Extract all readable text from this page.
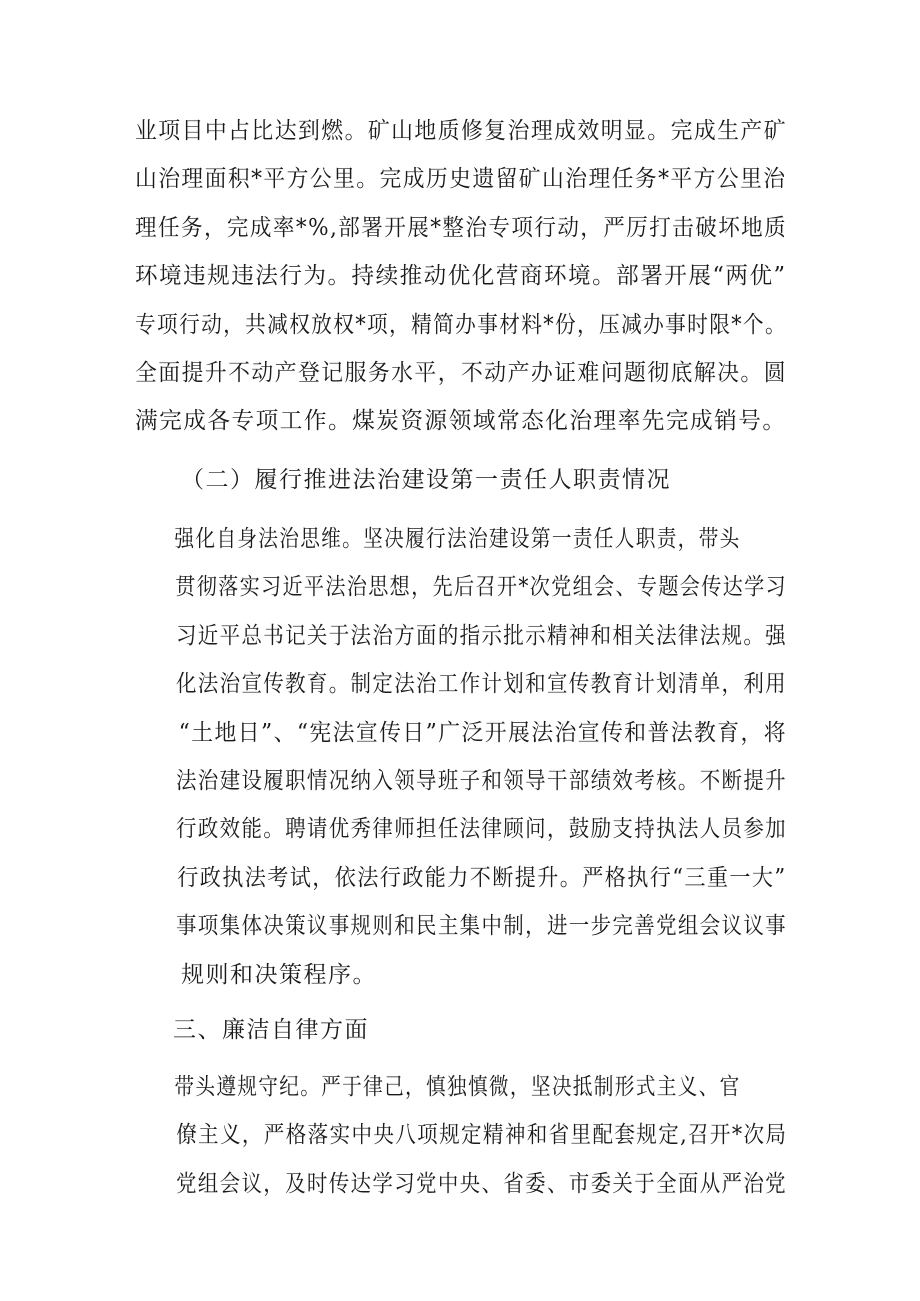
业项目中占比达到燃。矿山地质修复治理成效明显。完成生产矿
山治理面积*平方公里。完成历史遗留矿山治理任务*平方公里治
理任务，完成率*%,部署开展*整治专项行动，严厉打击破坏地质
环境违规违法行为。持续推动优化营商环境。部署开展“两优”
专项行动，共减权放权*项，精简办事材料*份，压减办事时限*个。
全面提升不动产登记服务水平，不动产办证难问题彻底解决。圆
满完成各专项工作。煤炭资源领域常态化治理率先完成销号。
（二）履行推进法治建设第一责任人职责情况
强化自身法治思维。坚决履行法治建设第一责任人职责，带头
贯彻落实习近平法治思想，先后召开*次党组会、专题会传达学习
习近平总书记关于法治方面的指示批示精神和相关法律法规。强
化法治宣传教育。制定法治工作计划和宣传教育计划清单，利用
“土地日”、“宪法宣传日”广泛开展法治宣传和普法教育，将
法治建设履职情况纳入领导班子和领导干部绩效考核。不断提升
行政效能。聘请优秀律师担任法律顾问，鼓励支持执法人员参加
行政执法考试，依法行政能力不断提升。严格执行“三重一大”
事项集体决策议事规则和民主集中制，进一步完善党组会议议事
规则和决策程序。
三、廉洁自律方面
带头遵规守纪。严于律己，慎独慎微，坚决抵制形式主义、官
僚主义，严格落实中央八项规定精神和省里配套规定,召开*次局
党组会议，及时传达学习党中央、省委、市委关于全面从严治党
